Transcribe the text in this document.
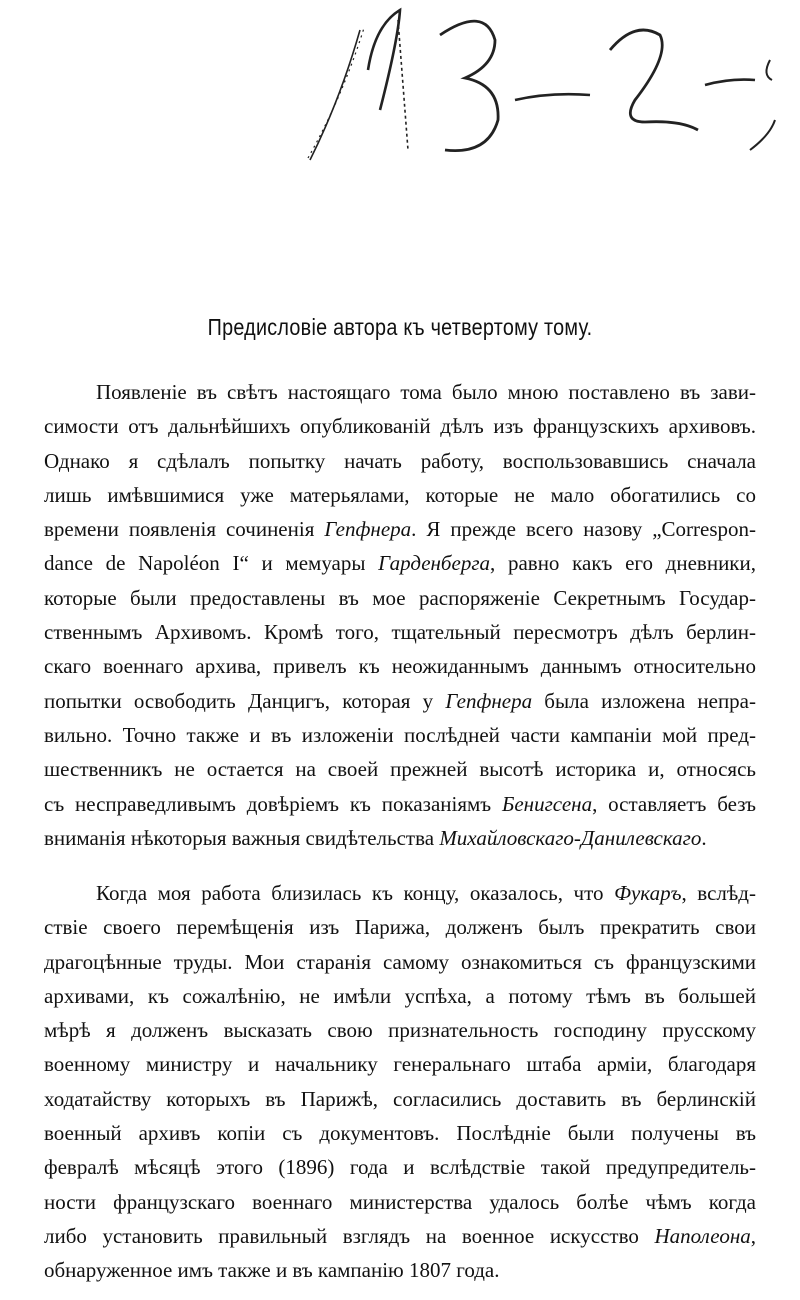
Предисловіе автора къ четвертому тому.
Появленіе въ свѣтъ настоящаго тома было мною поставлено въ зави-
симости отъ дальнѣйшихъ опубликованій дѣлъ изъ французскихъ архивовъ.
Однако я сдѣлалъ попытку начать работу, воспользовавшись сначала
лишь имѣвшимися уже матерьялами, которые не мало обогатились со
времени появленія сочиненія Гепфнера. Я прежде всего назову „Correspon-
dance de Napoléon I“ и мемуары Гарденберга, равно какъ его дневники,
которые были предоставлены въ мое распоряженіе Секретнымъ Государ-
ственнымъ Архивомъ. Кромѣ того, тщательный пересмотръ дѣлъ берлин-
скаго военнаго архива, привелъ къ неожиданнымъ даннымъ относительно
попытки освободить Данцигъ, которая у Гепфнера была изложена непра-
вильно. Точно также и въ изложеніи послѣдней части кампаніи мой пред-
шественникъ не остается на своей прежней высотѣ историка и, относясь
съ несправедливымъ довѣріемъ къ показаніямъ Бенигсена, оставляетъ безъ
вниманія нѣкоторыя важныя свидѣтельства Михайловскаго-Данилевскаго.
Когда моя работа близилась къ концу, оказалось, что Фукаръ, вслѣд-
ствіе своего перемѣщенія изъ Парижа, долженъ былъ прекратить свои
драгоцѣнные труды. Мои старанія самому ознакомиться съ французскими
архивами, къ сожалѣнію, не имѣли успѣха, а потому тѣмъ въ большей
мѣрѣ я долженъ высказать свою признательность господину прусскому
военному министру и начальнику генеральнаго штаба арміи, благодаря
ходатайству которыхъ въ Парижѣ, согласились доставить въ берлинскій
военный архивъ копіи съ документовъ. Послѣдніе были получены въ
февралѣ мѣсяцѣ этого (1896) года и вслѣдствіе такой предупредитель-
ности французскаго военнаго министерства удалось болѣе чѣмъ когда
либо установить правильный взглядъ на военное искусство Наполеона,
обнаруженное имъ также и въ кампанію 1807 года.
